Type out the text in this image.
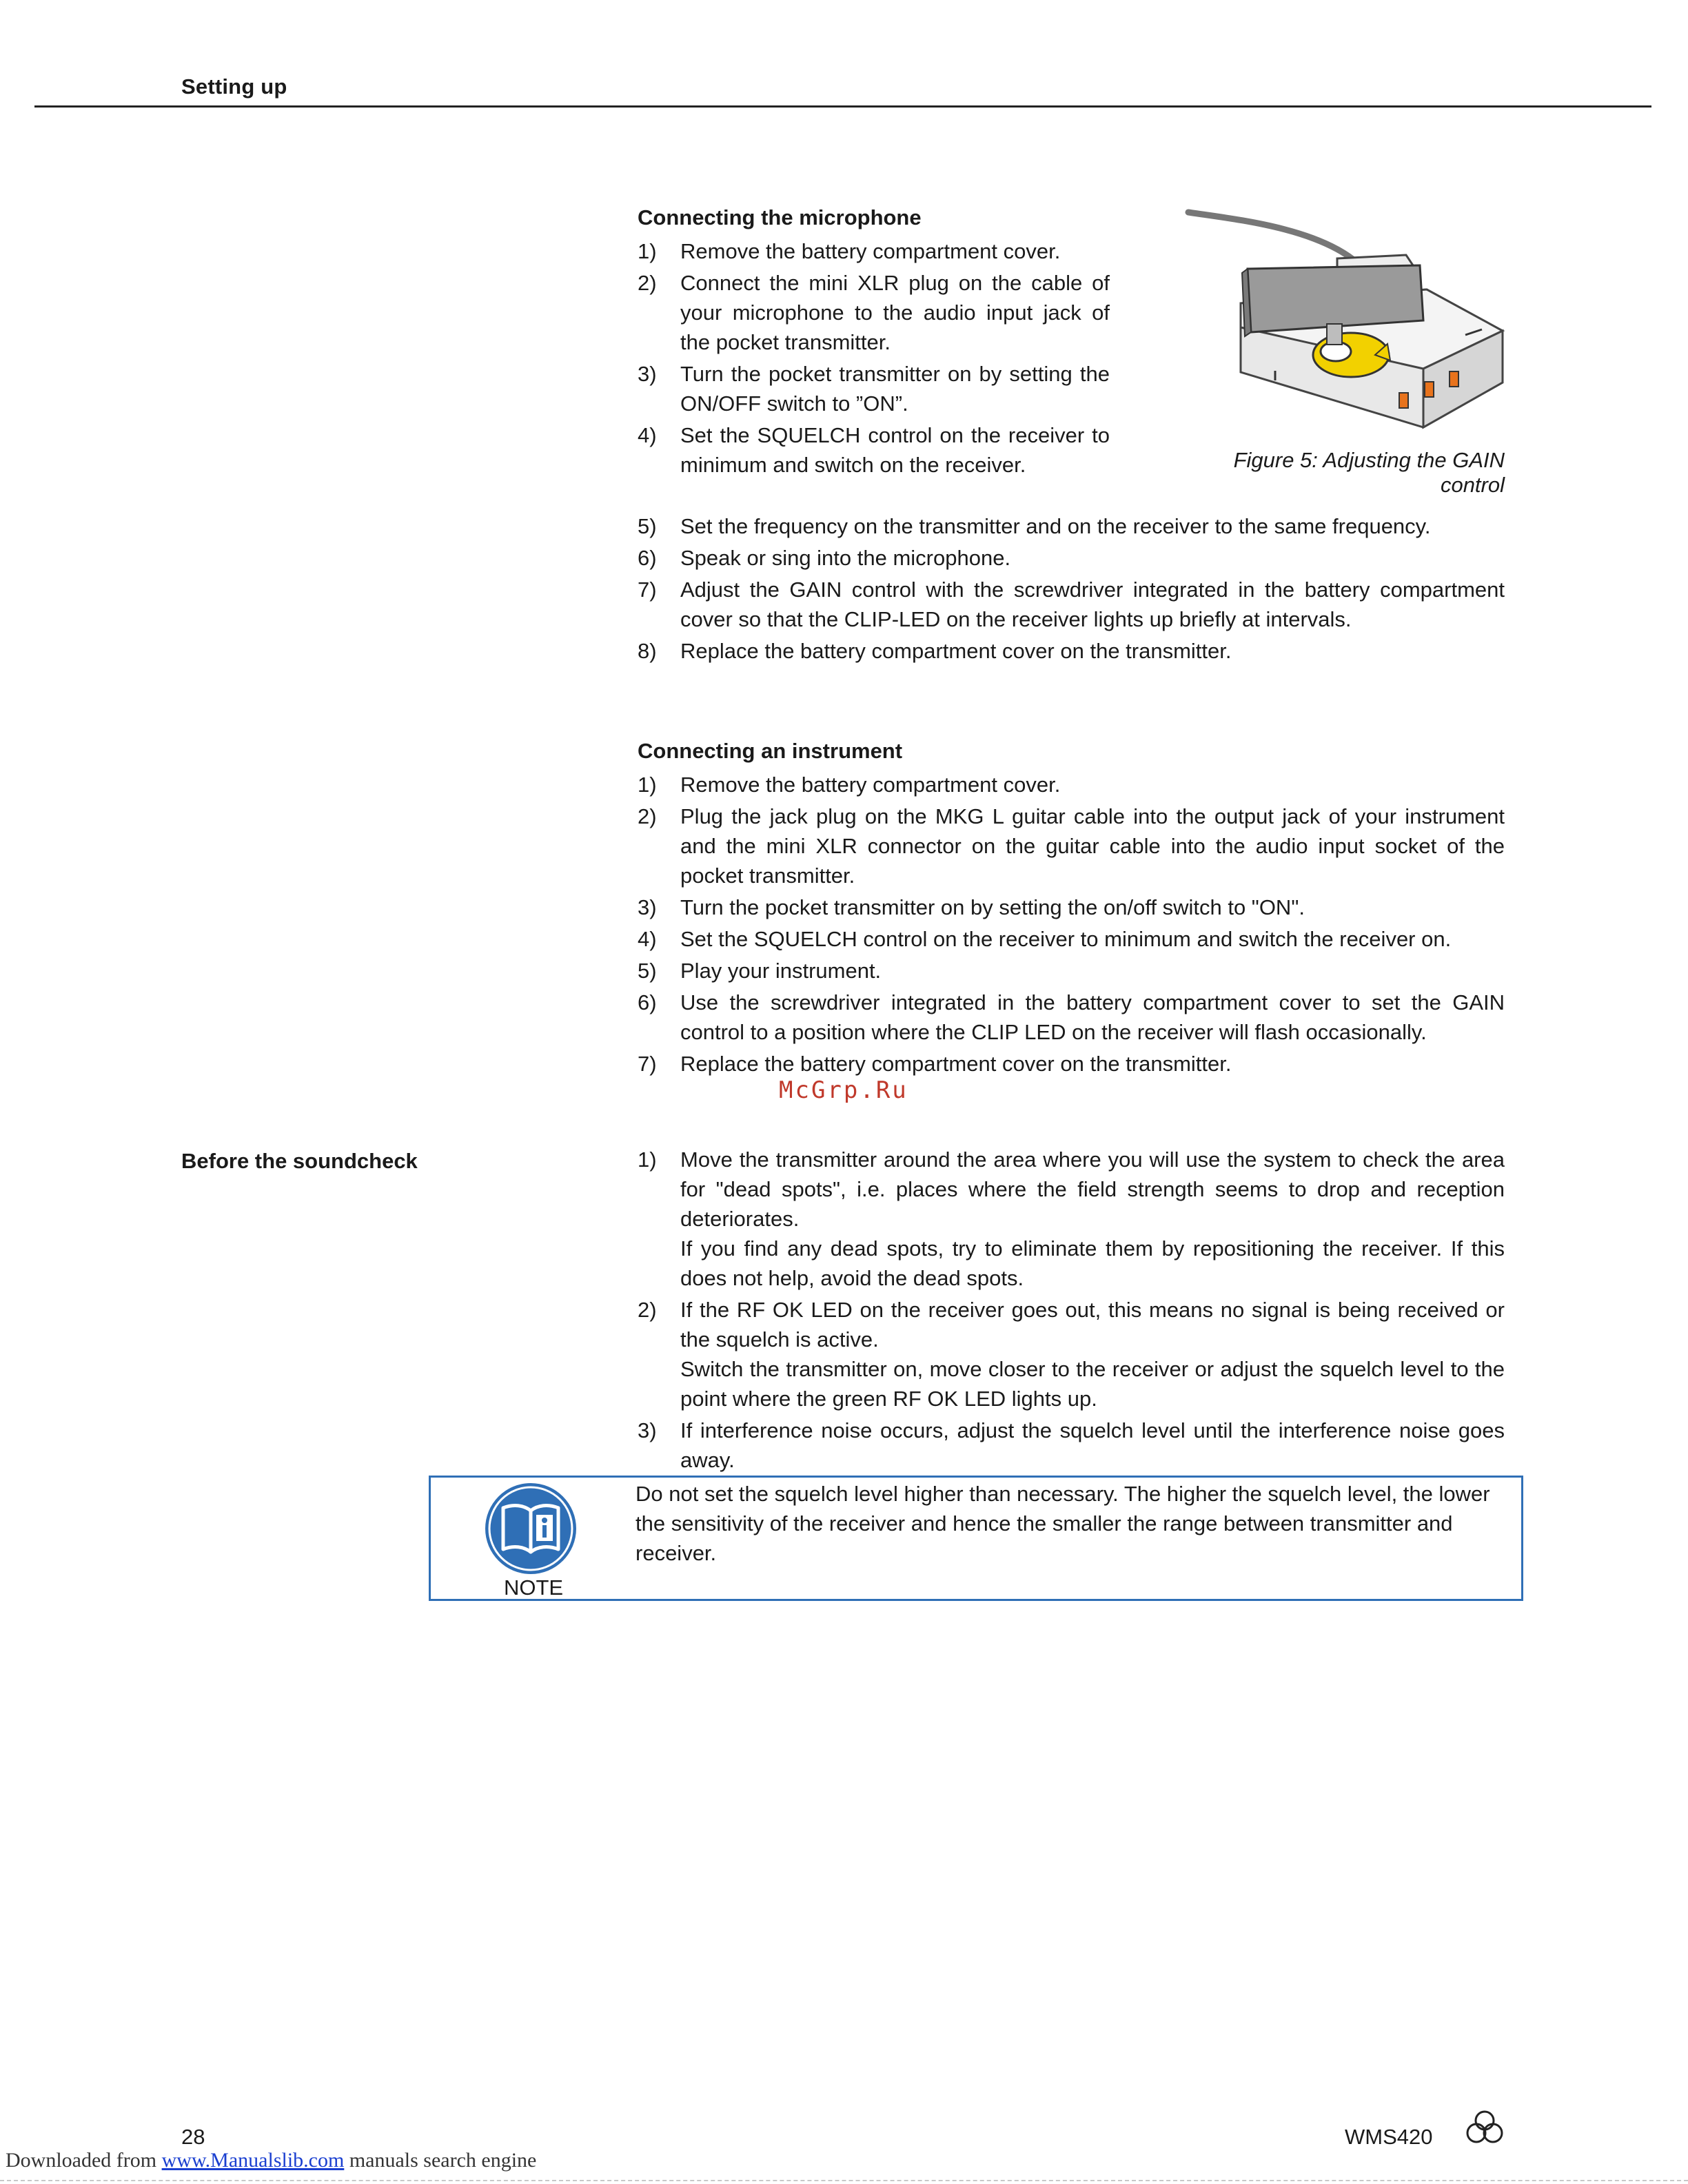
Setting up
Connecting the microphone
1) Remove the battery compartment cover.
2) Connect the mini XLR plug on the cable of your microphone to the audio input jack of the pocket transmitter.
3) Turn the pocket transmitter on by setting the ON/OFF switch to ”ON”.
4) Set the SQUELCH control on the receiver to minimum and switch on the receiver.	Figure 5: Adjusting the GAIN control
5) Set the frequency on the transmitter and on the receiver to the same frequency.
6) Speak or sing into the microphone.
7) Adjust the GAIN control with the screwdriver integrated in the battery compartment cover so that the CLIP-LED on the receiver lights up briefly at intervals.
8) Replace the battery compartment cover on the transmitter.
Connecting an instrument
1) Remove the battery compartment cover.
2) Plug the jack plug on the MKG L guitar cable into the output jack of your instrument and the mini XLR connector on the guitar cable into the audio input socket of the pocket transmitter.
3) Turn the pocket transmitter on by setting the on/off switch to "ON".
4) Set the SQUELCH control on the receiver to minimum and switch the receiver on.
5) Play your instrument.
6) Use the screwdriver integrated in the battery compartment cover to set the GAIN control to a position where the CLIP LED on the receiver will flash occasionally.
7) Replace the battery compartment cover on the transmitter.
McGrp.Ru
Before the soundcheck	1) Move the transmitter around the area where you will use the system to check the area for "dead spots", i.e. places where the field strength seems to drop and reception deteriorates.
If you find any dead spots, try to eliminate them by repositioning the receiver. If this does not help, avoid the dead spots.
2) If the RF OK LED on the receiver goes out, this means no signal is being received or the squelch is active.
Switch the transmitter on, move closer to the receiver or adjust the squelch level to the point where the green RF OK LED lights up.
3) If interference noise occurs, adjust the squelch level until the interference noise goes away.
NOTE
Do not set the squelch level higher than necessary. The higher the squelch level, the lower the sensitivity of the receiver and hence the smaller the range between transmitter and receiver.
28	WMS420
Downloaded from www.Manualslib.com manuals search engine
